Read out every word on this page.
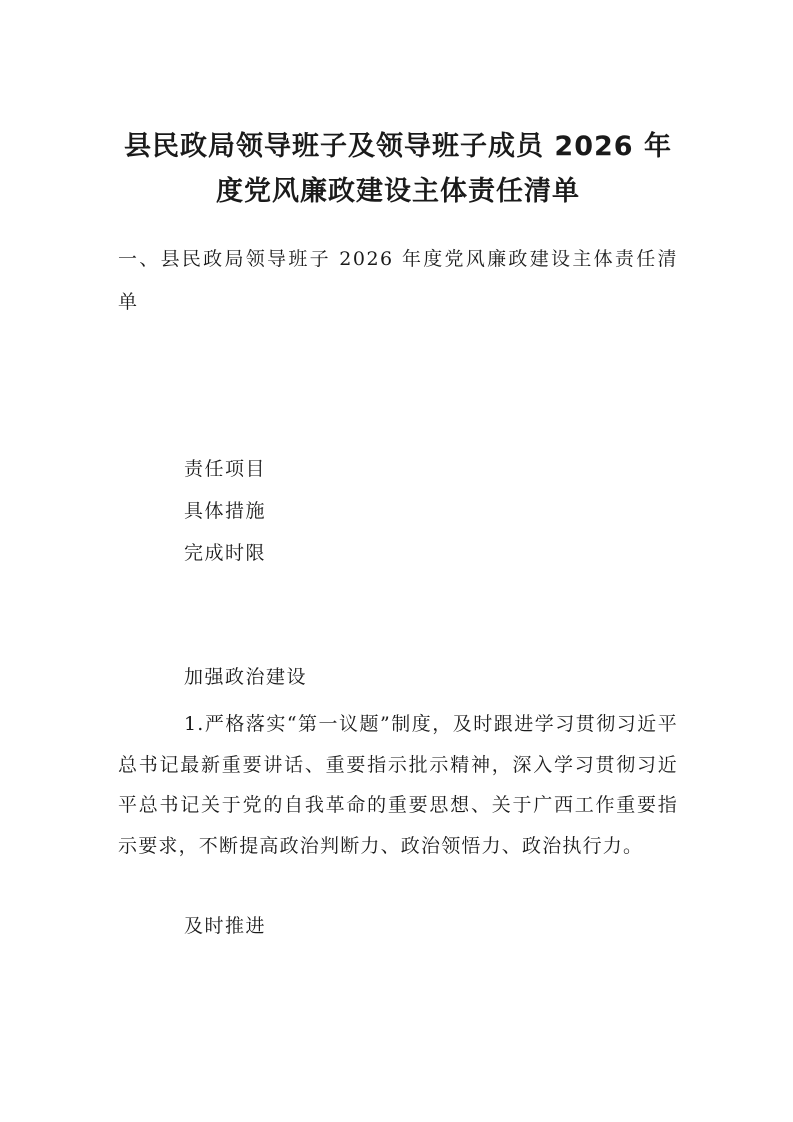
县民政局领导班子及领导班子成员 2026 年
度党风廉政建设主体责任清单

一、县民政局领导班子 2026 年度党风廉政建设主体责任清单

责任项目

具体措施

完成时限

加强政治建设

1.严格落实“第一议题”制度，及时跟进学习贯彻习近平总书记最新重要讲话、重要指示批示精神，深入学习贯彻习近平总书记关于党的自我革命的重要思想、关于广西工作重要指示要求，不断提高政治判断力、政治领悟力、政治执行力。

及时推进
